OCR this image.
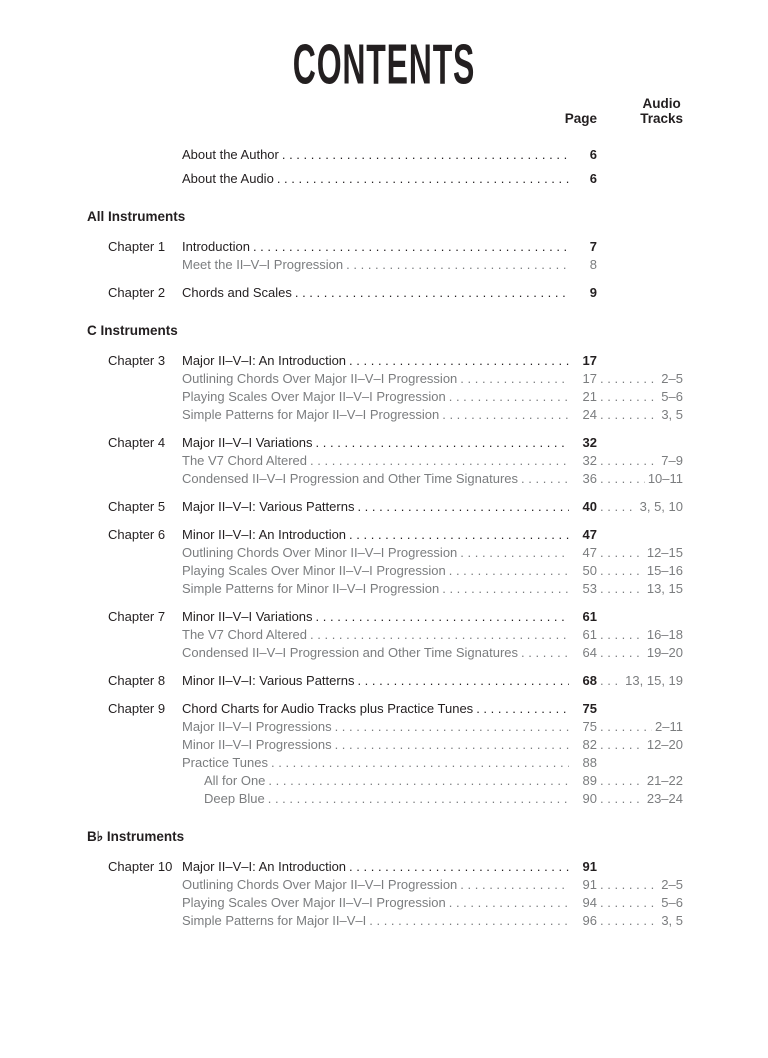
CONTENTS
Page
Audio
Tracks
About the Author . . .	6
About the Audio . . .	6
All Instruments
Chapter 1	Introduction . . .	7
Meet the II–V–I Progression . . .	8
Chapter 2	Chords and Scales . . .	9
C Instruments
Chapter 3	Major II–V–I: An Introduction . . .	17
Outlining Chords Over Major II–V–I Progression . . .	17 . . .	2–5
Playing Scales Over Major II–V–I Progression . . .	21 . . .	5–6
Simple Patterns for Major II–V–I Progression . . .	24 . . .	3, 5
Chapter 4	Major II–V–I Variations . . .	32
The V7 Chord Altered . . .	32 . . .	7–9
Condensed II–V–I Progression and Other Time Signatures . . .	36 . . .	10–11
Chapter 5	Major II–V–I: Various Patterns . . .	40 . . .	3, 5, 10
Chapter 6	Minor II–V–I: An Introduction . . .	47
Outlining Chords Over Minor II–V–I Progression . . .	47 . . .	12–15
Playing Scales Over Minor II–V–I Progression . . .	50 . . .	15–16
Simple Patterns for Minor II–V–I Progression . . .	53 . . .	13, 15
Chapter 7	Minor II–V–I Variations . . .	61
The V7 Chord Altered . . .	61 . . .	16–18
Condensed II–V–I Progression and Other Time Signatures . . .	64 . . .	19–20
Chapter 8	Minor II–V–I: Various Patterns . . .	68 . . . 13, 15, 19
Chapter 9	Chord Charts for Audio Tracks plus Practice Tunes . . .	75
Major II–V–I Progressions . . .	75 . . .	2–11
Minor II–V–I Progressions . . .	82 . . .	12–20
Practice Tunes . . .	88
All for One . . .	89 . . .	21–22
Deep Blue . . .	90 . . .	23–24
B♭ Instruments
Chapter 10 Major II–V–I: An Introduction . . .	91
Outlining Chords Over Major II–V–I Progression . . .	91 . . .	2–5
Playing Scales Over Major II–V–I Progression . . .	94 . . .	5–6
Simple Patterns for Major II–V–I . . .	96 . . .	3, 5
